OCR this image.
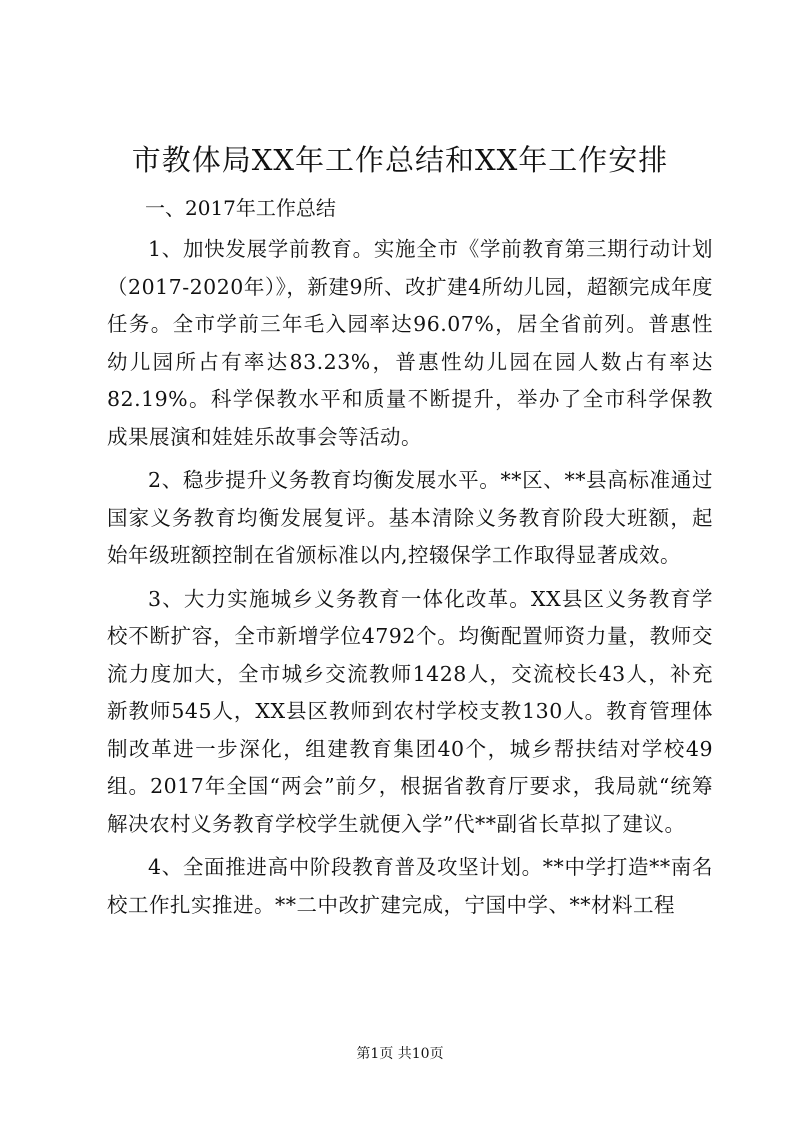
市教体局XX年工作总结和XX年工作安排

一、2017年工作总结

1、加快发展学前教育。实施全市《学前教育第三期行动计划（2017-2020年）》，新建9所、改扩建4所幼儿园，超额完成年度任务。全市学前三年毛入园率达96.07%，居全省前列。普惠性幼儿园所占有率达83.23%，普惠性幼儿园在园人数占有率达82.19%。科学保教水平和质量不断提升，举办了全市科学保教成果展演和娃娃乐故事会等活动。

2、稳步提升义务教育均衡发展水平。**区、**县高标准通过国家义务教育均衡发展复评。基本清除义务教育阶段大班额，起始年级班额控制在省颁标准以内,控辍保学工作取得显著成效。

3、大力实施城乡义务教育一体化改革。XX县区义务教育学校不断扩容，全市新增学位4792个。均衡配置师资力量，教师交流力度加大，全市城乡交流教师1428人，交流校长43人，补充新教师545人，XX县区教师到农村学校支教130人。教育管理体制改革进一步深化，组建教育集团40个，城乡帮扶结对学校49组。2017年全国“两会”前夕，根据省教育厅要求，我局就“统筹解决农村义务教育学校学生就便入学”代**副省长草拟了建议。

4、全面推进高中阶段教育普及攻坚计划。**中学打造**南名校工作扎实推进。**二中改扩建完成，宁国中学、**材料工程

第1页 共10页
